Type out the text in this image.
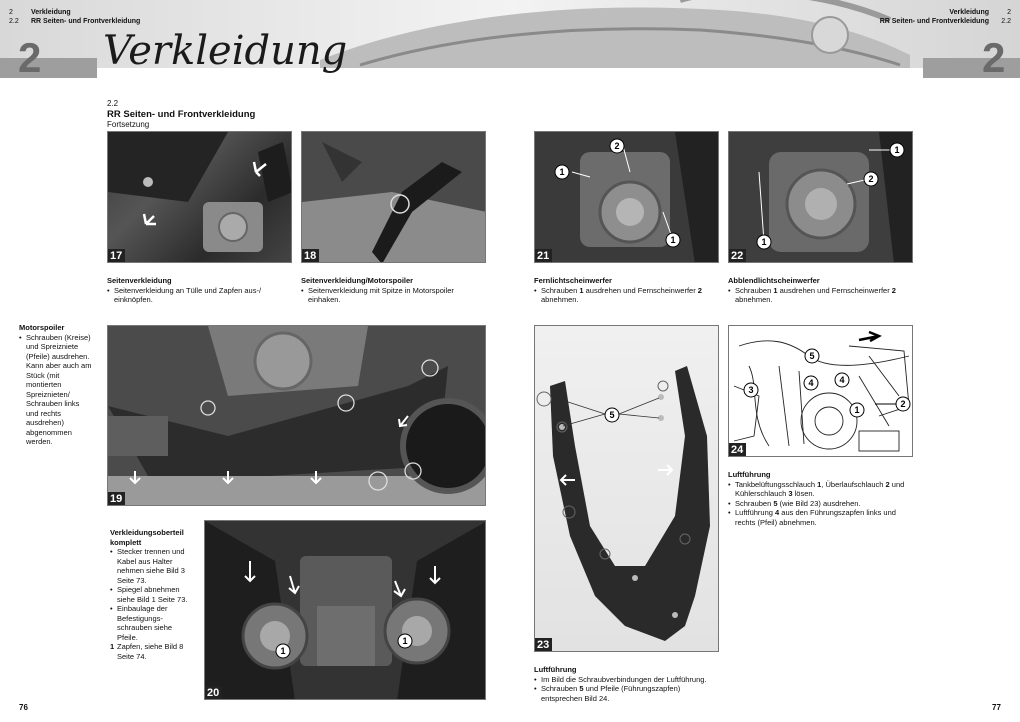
2	2
Verkleidung
2	Verkleidung
2.2 RR Seiten- und Frontverkleidung
Verkleidung	2
RR Seiten- und Frontverkleidung 2.2
2.2
RR Seiten- und Frontverkleidung
Fortsetzung
17	18
1
2
1
21
1
2
1
22
Seitenverkleidung
• Seitenverkleidung an Tülle und Zapfen aus-/
einknöpfen.
Seitenverkleidung/Motorspoiler
• Seitenverkleidung mit Spitze in Motorspoiler
einhaken.
Fernlichtscheinwerfer
• Schrauben 1 ausdrehen und Fernscheinwerfer 2
abnehmen.
Abblendlichtscheinwerfer
• Schrauben 1 ausdrehen und Fernscheinwerfer 2
abnehmen.
Motorspoiler
• Schrauben (Kreise)
und Spreizniete
(Pfeile) ausdrehen.
Kann aber auch am
Stück (mit
montierten
Spreiznieten/
Schrauben links
und rechts
ausdrehen)
abgenommen
werden.
19
Verkleidungsoberteil
komplett
• Stecker trennen und
Kabel aus Halter
nehmen siehe Bild 3
Seite 73.
• Spiegel abnehmen
siehe Bild 1 Seite 73.
• Einbaulage der
Befestigungs-
schrauben siehe
Pfeile.
1 Zapfen, siehe Bild 8
Seite 74.	1
1
20
5
23
5
4
4
3
1
2
24
Luftführung
• Tankbelüftungsschlauch 1, Überlaufschlauch 2 und
Kühlerschlauch 3 lösen.
• Schrauben 5 (wie Bild 23) ausdrehen.
• Luftführung 4 aus den Führungszapfen links und
rechts (Pfeil) abnehmen.
Luftführung
• Im Bild die Schraubverbindungen der Luftführung.
• Schrauben 5 und Pfeile (Führungszapfen)
entsprechen Bild 24.
76	77
